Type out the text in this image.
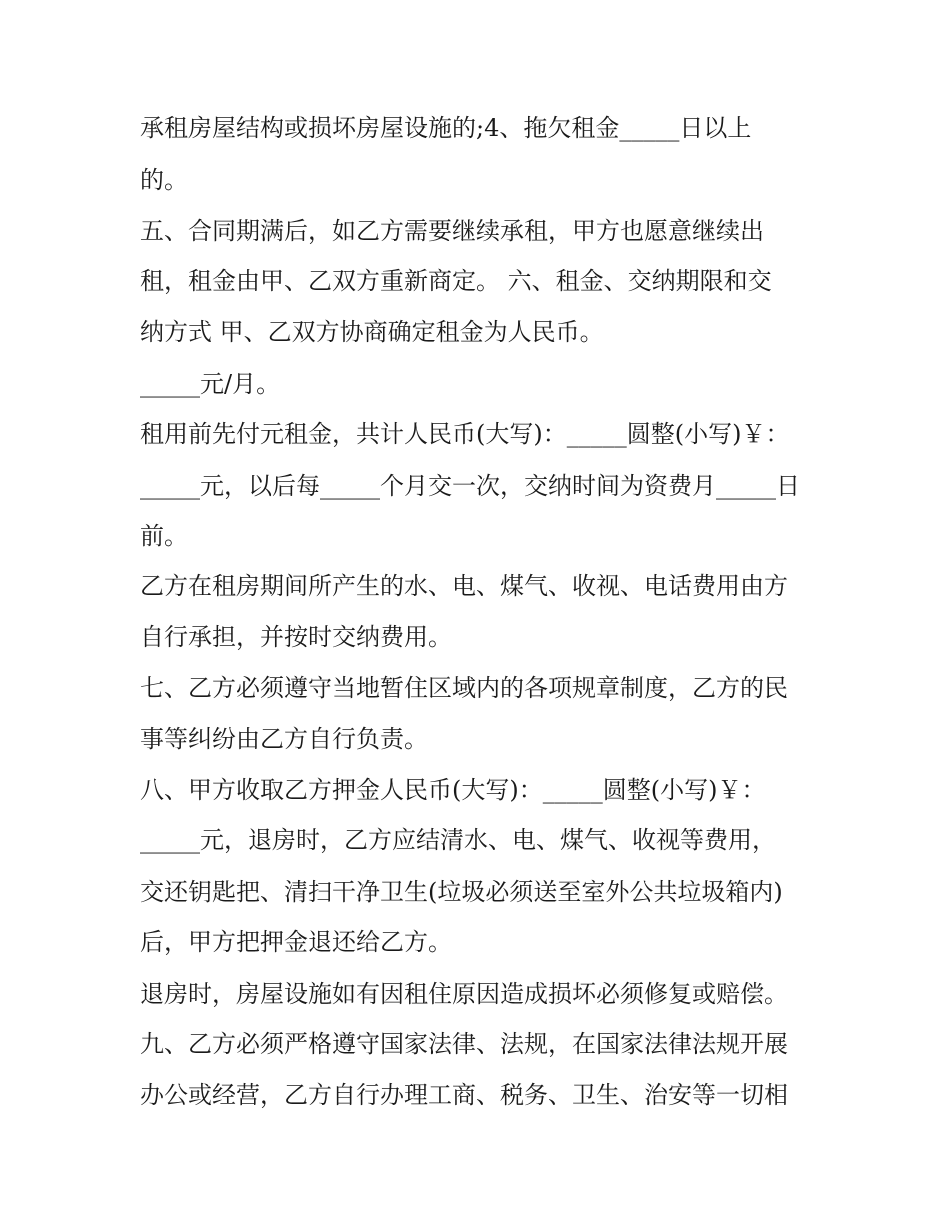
承租房屋结构或损坏房屋设施的;4、拖欠租金_____日以上
的。
五、合同期满后，如乙方需要继续承租，甲方也愿意继续出
租，租金由甲、乙双方重新商定。 六、租金、交纳期限和交
纳方式 甲、乙双方协商确定租金为人民币。
_____元/月。
租用前先付元租金，共计人民币(大写)：_____圆整(小写)￥：
_____元，以后每_____个月交一次，交纳时间为资费月_____日
前。
乙方在租房期间所产生的水、电、煤气、收视、电话费用由方
自行承担，并按时交纳费用。
七、乙方必须遵守当地暂住区域内的各项规章制度，乙方的民
事等纠纷由乙方自行负责。
八、甲方收取乙方押金人民币(大写)：_____圆整(小写)￥：
_____元，退房时，乙方应结清水、电、煤气、收视等费用，
交还钥匙把、清扫干净卫生(垃圾必须送至室外公共垃圾箱内)
后，甲方把押金退还给乙方。
退房时，房屋设施如有因租住原因造成损坏必须修复或赔偿。
九、乙方必须严格遵守国家法律、法规，在国家法律法规开展
办公或经营，乙方自行办理工商、税务、卫生、治安等一切相
